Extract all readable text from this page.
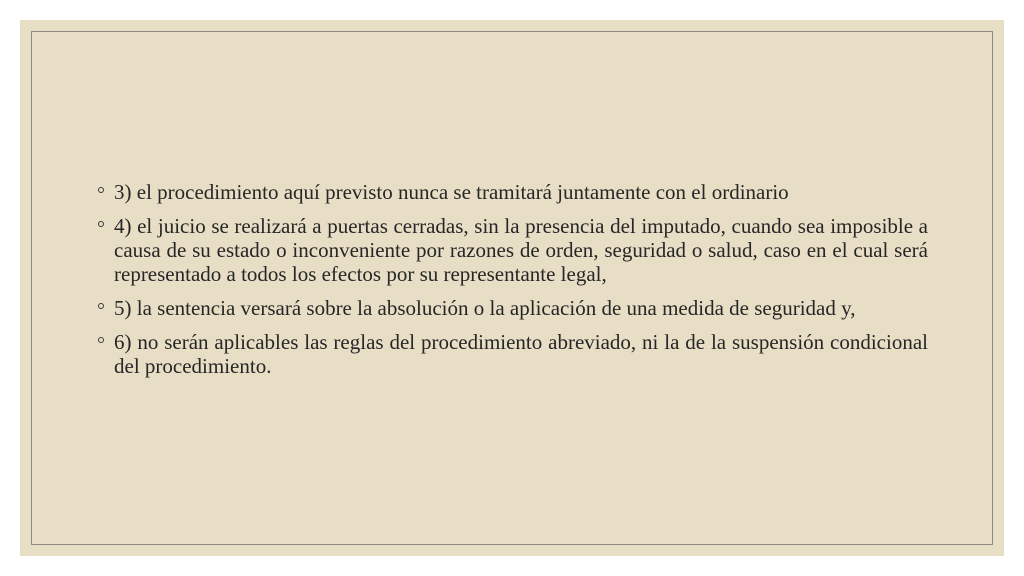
3) el procedimiento aquí previsto nunca se tramitará juntamente con el ordinario
4) el juicio se realizará a puertas cerradas, sin la presencia del imputado, cuando sea imposible a causa de su estado o inconveniente por razones de orden, seguridad o salud, caso en el cual será representado a todos los efectos por su representante legal,
5) la sentencia versará sobre la absolución o la aplicación de una medida de seguridad y,
6) no serán aplicables las reglas del procedimiento abreviado, ni la de la suspensión condicional del procedimiento.
